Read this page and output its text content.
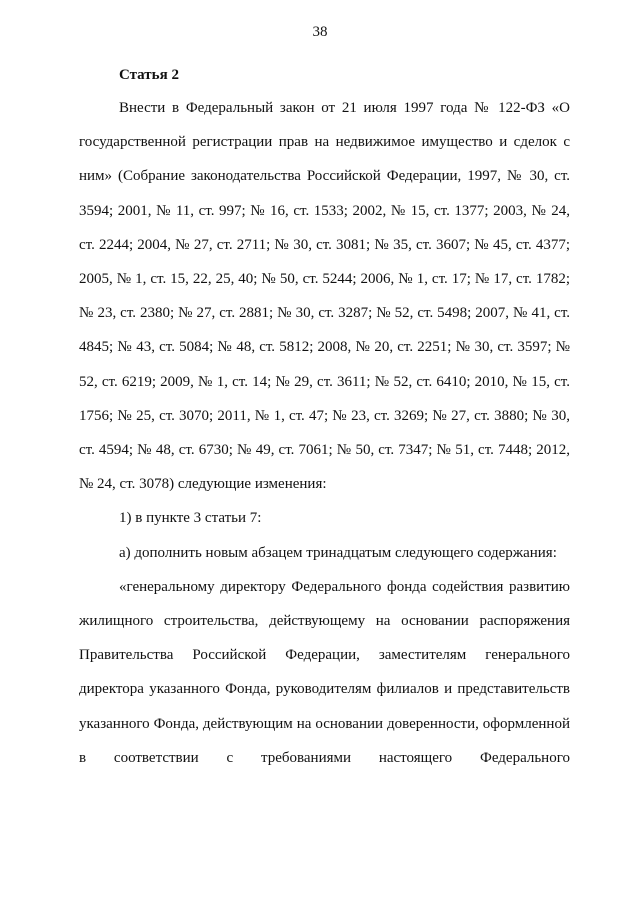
38
Статья 2

Внести в Федеральный закон от 21 июля 1997 года № 122-ФЗ «О государственной регистрации прав на недвижимое имущество и сделок с ним» (Собрание законодательства Российской Федерации, 1997, № 30, ст. 3594; 2001, № 11, ст. 997; № 16, ст. 1533; 2002, № 15, ст. 1377; 2003, № 24, ст. 2244; 2004, № 27, ст. 2711; № 30, ст. 3081; № 35, ст. 3607; № 45, ст. 4377; 2005, № 1, ст. 15, 22, 25, 40; № 50, ст. 5244; 2006, № 1, ст. 17; № 17, ст. 1782; № 23, ст. 2380; № 27, ст. 2881; № 30, ст. 3287; № 52, ст. 5498; 2007, № 41, ст. 4845; № 43, ст. 5084; № 48, ст. 5812; 2008, № 20, ст. 2251; № 30, ст. 3597; № 52, ст. 6219; 2009, № 1, ст. 14; № 29, ст. 3611; № 52, ст. 6410; 2010, № 15, ст. 1756; № 25, ст. 3070; 2011, № 1, ст. 47; № 23, ст. 3269; № 27, ст. 3880; № 30, ст. 4594; № 48, ст. 6730; № 49, ст. 7061; № 50, ст. 7347; № 51, ст. 7448; 2012, № 24, ст. 3078) следующие изменения:

1) в пункте 3 статьи 7:

а) дополнить новым абзацем тринадцатым следующего содержания:

«генеральному директору Федерального фонда содействия развитию жилищного строительства, действующему на основании распоряжения Правительства Российской Федерации, заместителям генерального директора указанного Фонда, руководителям филиалов и представительств указанного Фонда, действующим на основании доверенности, оформленной в соответствии с требованиями настоящего Федерального
